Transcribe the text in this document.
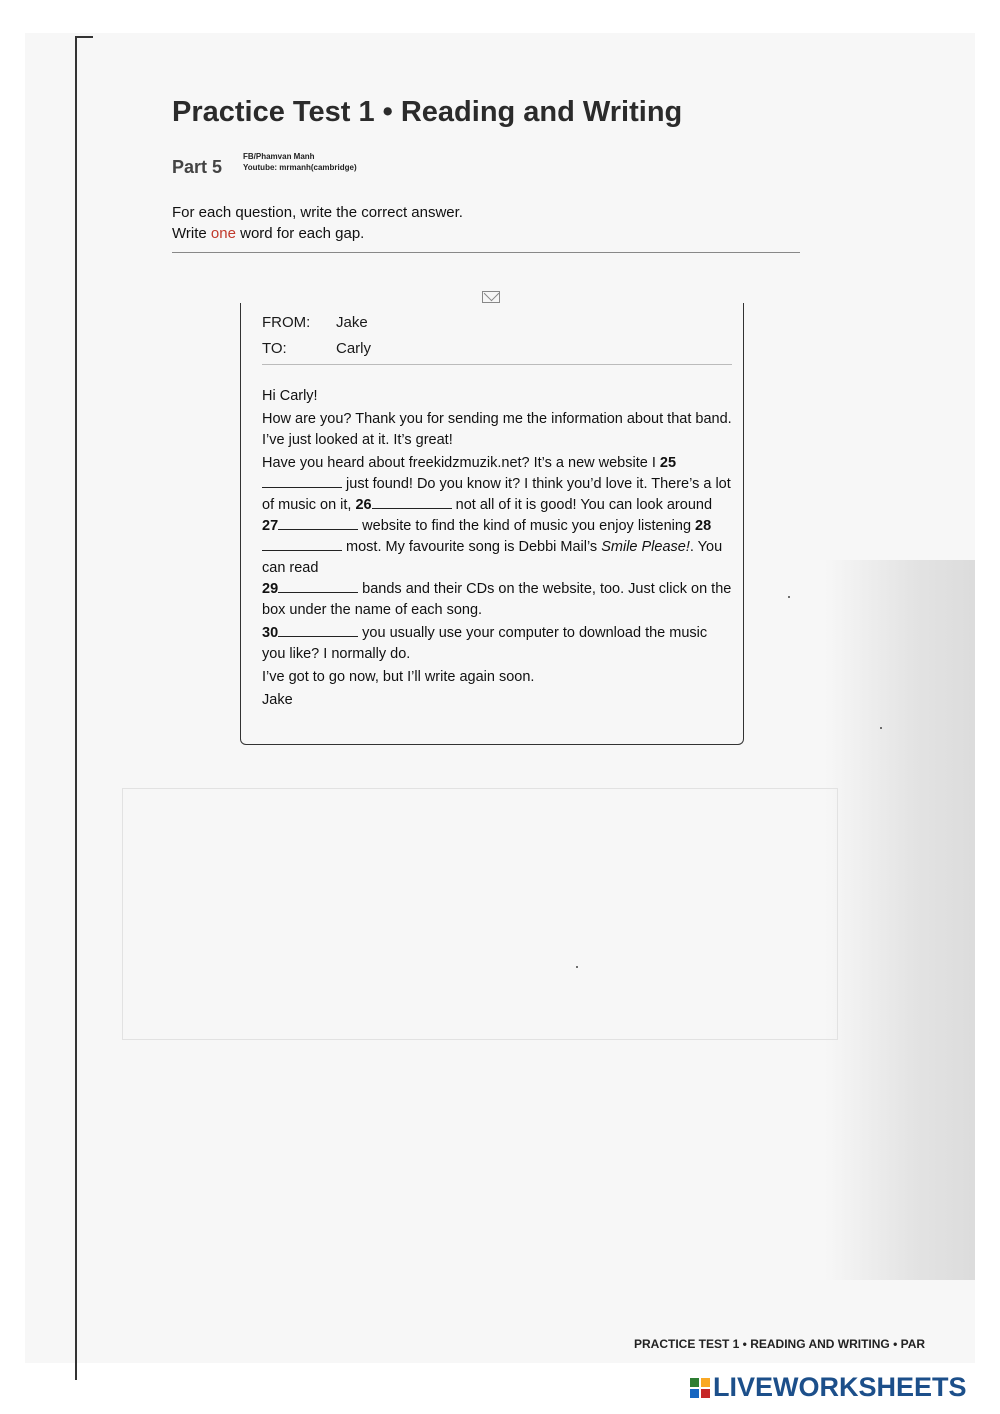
Practice Test 1 • Reading and Writing
Part 5
FB/Phamvan Manh
Youtube: mrmanh(cambridge)
For each question, write the correct answer.
Write one word for each gap.
FROM: Jake
TO:	Carly

Hi Carly!

How are you? Thank you for sending me the information about that band. I’ve just looked at it. It’s great!

Have you heard about freekidzmuzik.net? It’s a new website I 25 just found! Do you know it? I think you’d love it. There’s a lot of music on it, 26	not all of it is good! You can look around 27	website to find the kind of music you enjoy listening 28 most. My favourite song is Debbi Mail’s Smile Please!. You can read
29	bands and their CDs on the website, too. Just click on the box under the name of each song.

30	you usually use your computer to download the music you like? I normally do.

I’ve got to go now, but I’ll write again soon.

Jake

PRACTICE TEST 1 • READING AND WRITING • PAR
LIVEWORKSHEETS
